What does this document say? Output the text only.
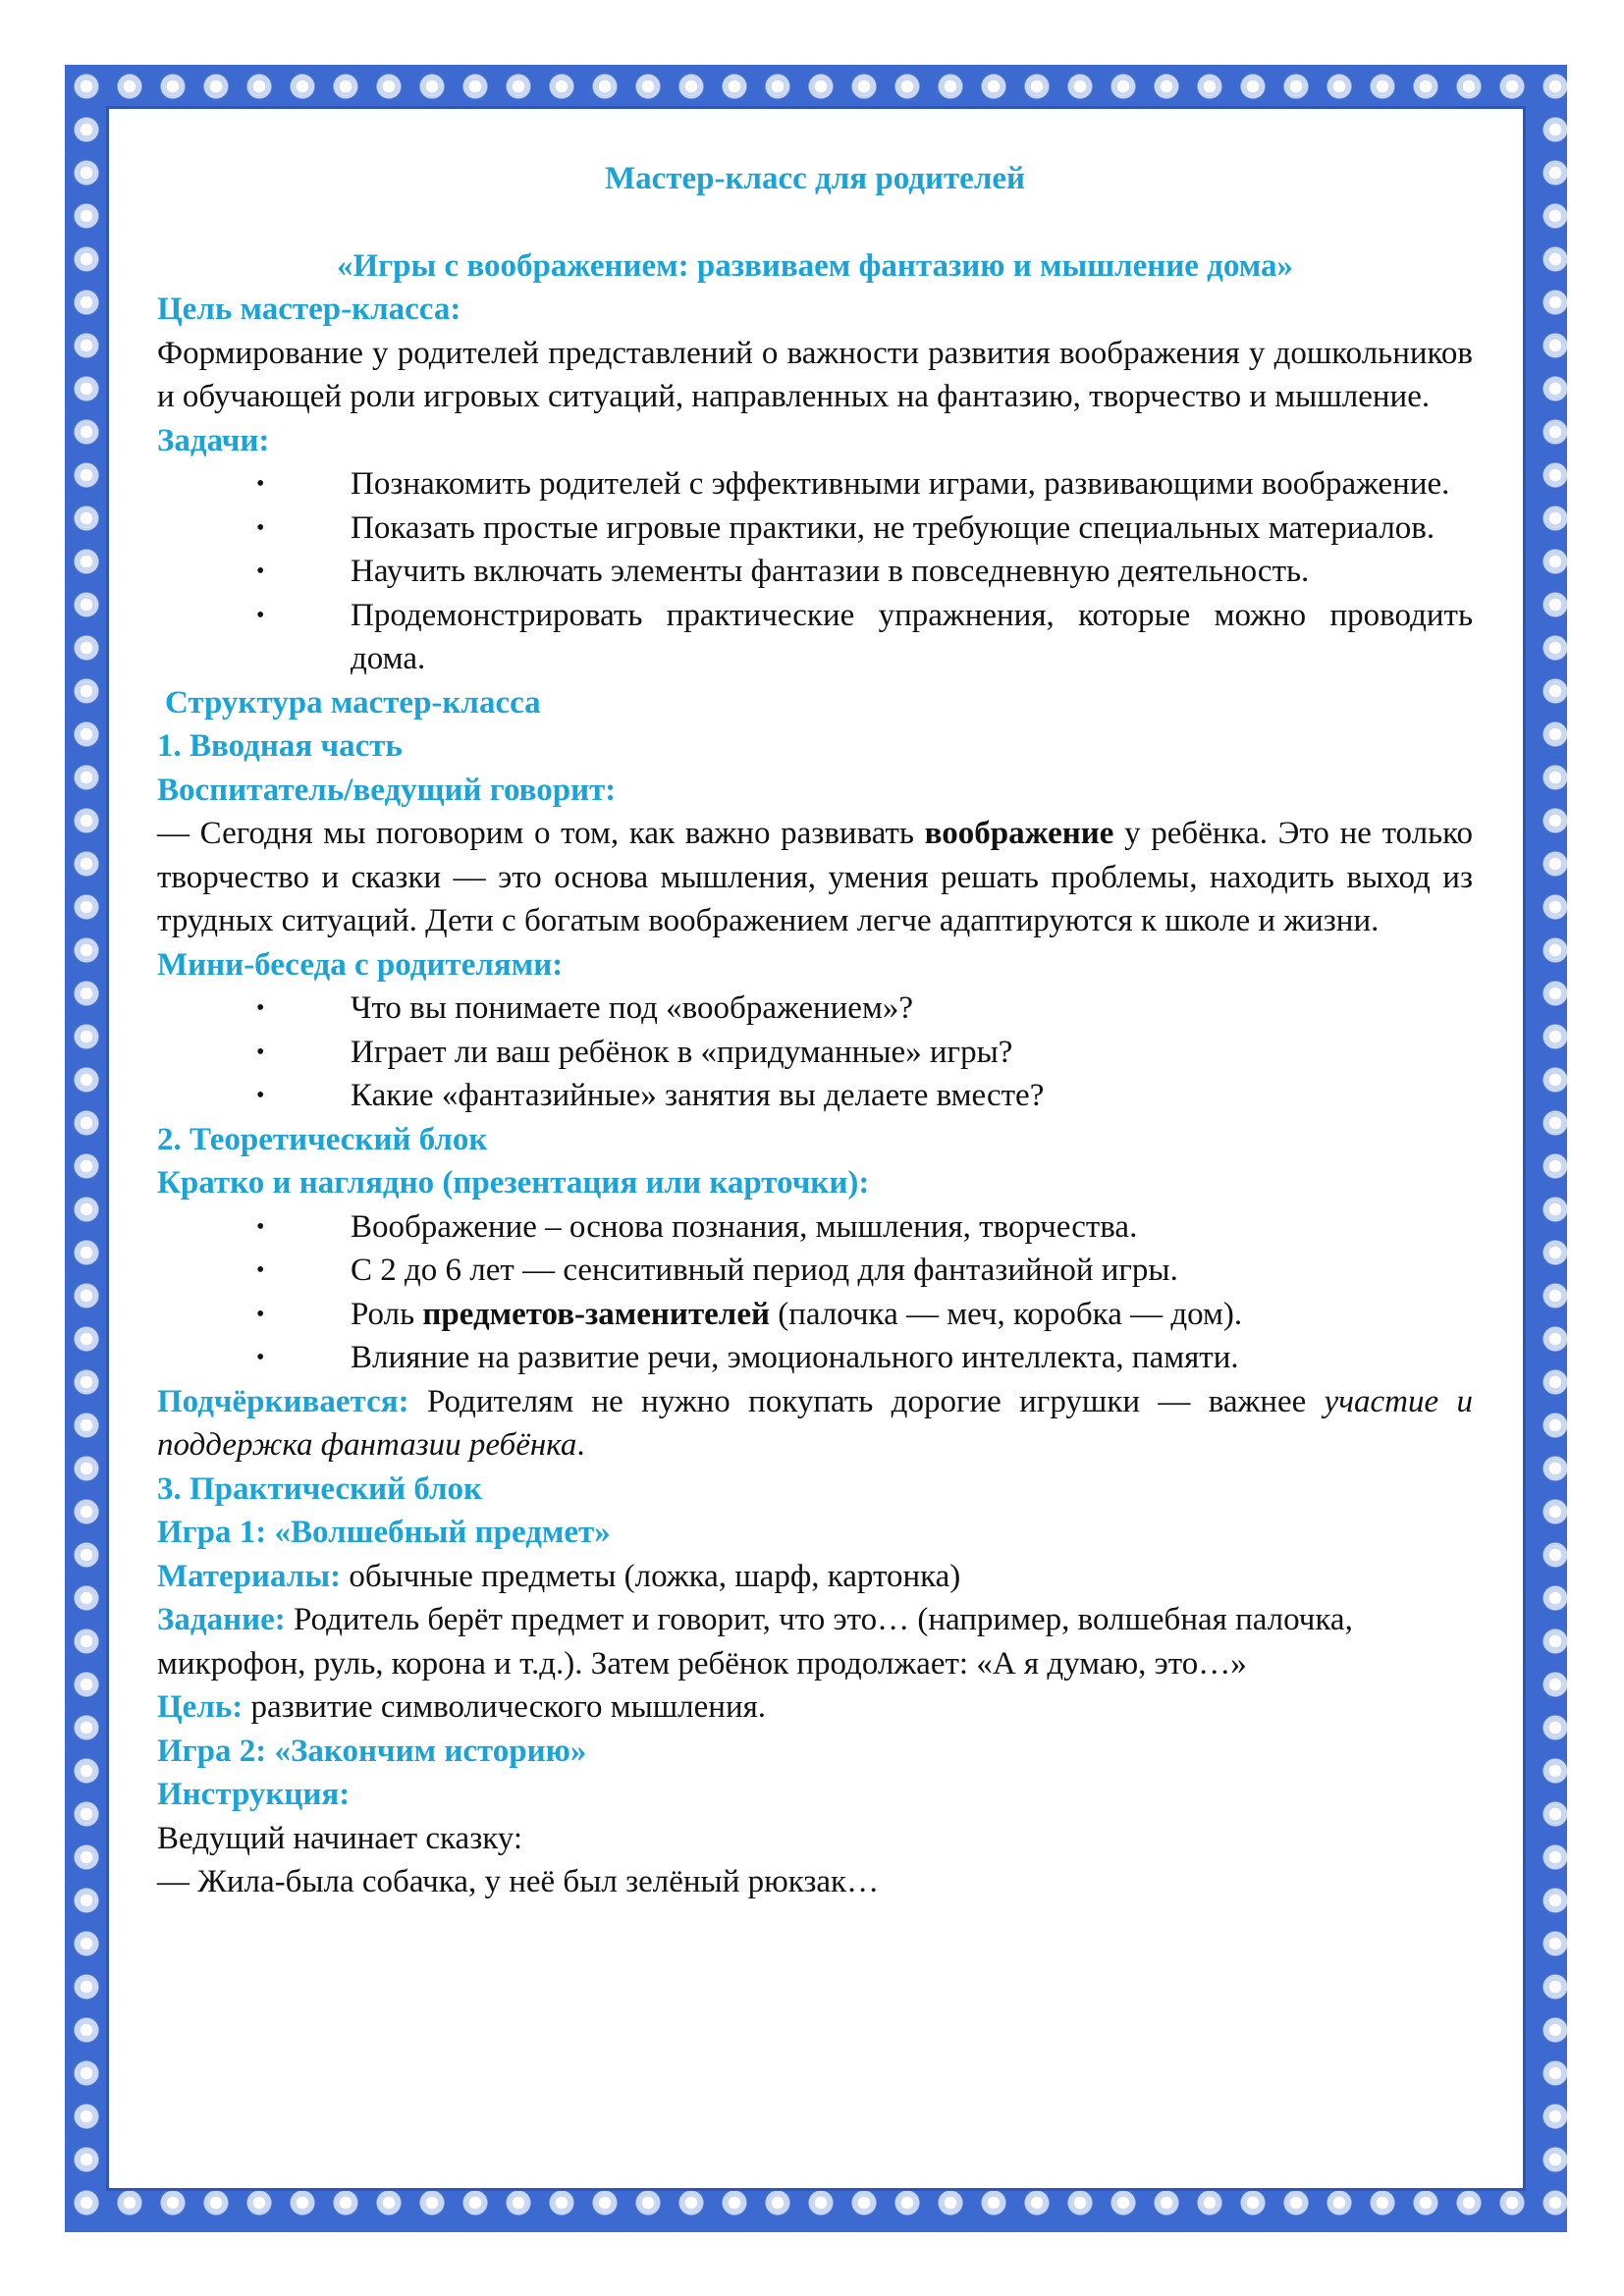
Мастер-класс для родителей

«Игры с воображением: развиваем фантазию и мышление дома»

Цель мастер-класса:

Формирование у родителей представлений о важности развития воображения у дошкольников и обучающей роли игровых ситуаций, направленных на фантазию, творчество и мышление.

Задачи:

• Познакомить родителей с эффективными играми, развивающими воображение.
• Показать простые игровые практики, не требующие специальных материалов.
• Научить включать элементы фантазии в повседневную деятельность.
• Продемонстрировать практические упражнения, которые можно проводить дома.

Структура мастер-класса

1. Вводная часть

Воспитатель/ведущий говорит:

— Сегодня мы поговорим о том, как важно развивать воображение у ребёнка. Это не только творчество и сказки — это основа мышления, умения решать проблемы, находить выход из трудных ситуаций. Дети с богатым воображением легче адаптируются к школе и жизни.

Мини-беседа с родителями:

• Что вы понимаете под «воображением»?
• Играет ли ваш ребёнок в «придуманные» игры?
• Какие «фантазийные» занятия вы делаете вместе?

2. Теоретический блок

Кратко и наглядно (презентация или карточки):

• Воображение – основа познания, мышления, творчества.
• С 2 до 6 лет — сенситивный период для фантазийной игры.
• Роль предметов-заменителей (палочка — меч, коробка — дом).
• Влияние на развитие речи, эмоционального интеллекта, памяти.

Подчёркивается: Родителям не нужно покупать дорогие игрушки — важнее участие и поддержка фантазии ребёнка.

3. Практический блок

Игра 1: «Волшебный предмет»

Материалы: обычные предметы (ложка, шарф, картонка)

Задание: Родитель берёт предмет и говорит, что это… (например, волшебная палочка, микрофон, руль, корона и т.д.). Затем ребёнок продолжает: «А я думаю, это…»

Цель: развитие символического мышления.

Игра 2: «Закончим историю»

Инструкция:

Ведущий начинает сказку:

— Жила-была собачка, у неё был зелёный рюкзак…
